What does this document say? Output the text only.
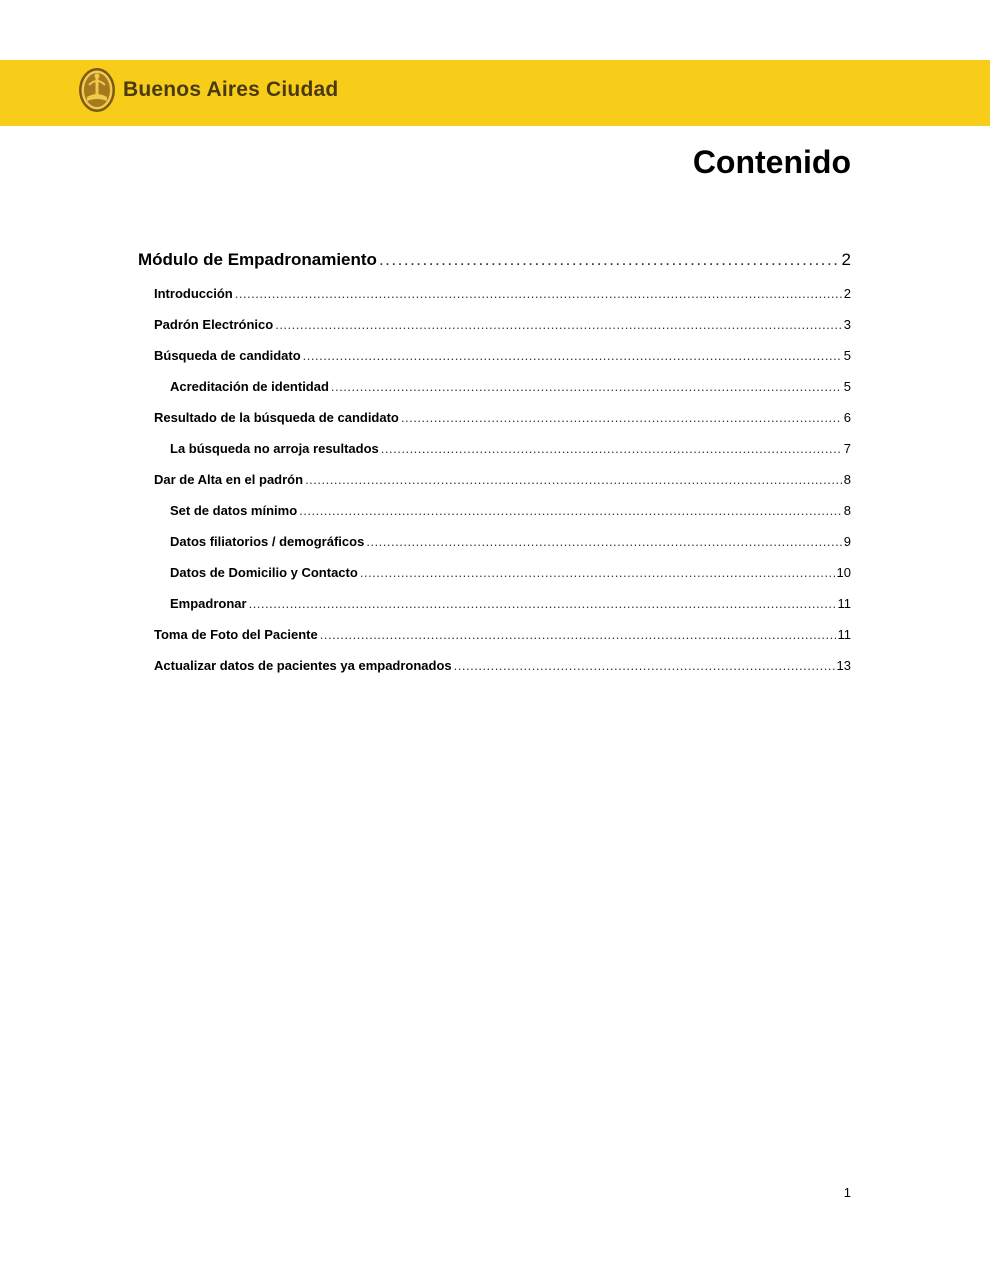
Buenos Aires Ciudad
Contenido
Módulo de Empadronamiento .....	2
Introducción .....	2
Padrón Electrónico .....	3
Búsqueda de candidato .....	5
Acreditación de identidad .....	5
Resultado de la búsqueda de candidato .....	6
La búsqueda no arroja resultados .....	7
Dar de Alta en el padrón .....	8
Set de datos mínimo .....	8
Datos filiatorios / demográficos .....	9
Datos de Domicilio y Contacto .....	10
Empadronar .....	11
Toma de Foto del Paciente .....	11
Actualizar datos de pacientes ya empadronados .....	13
1
